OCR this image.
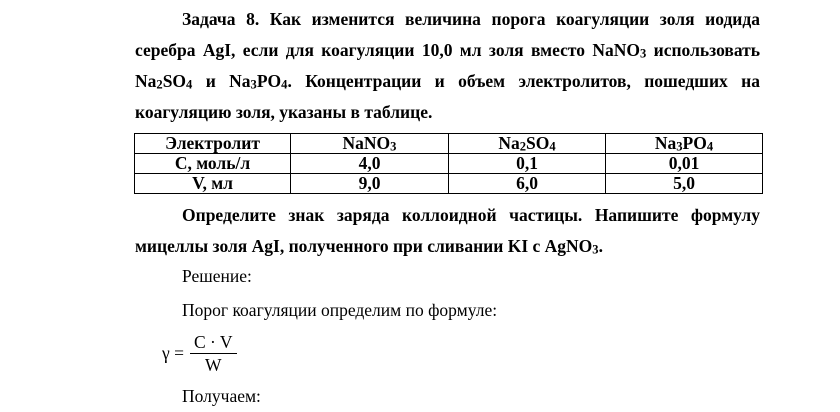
Задача 8. Как изменится величина порога коагуляции золя иодида серебра AgI, если для коагуляции 10,0 мл золя вместо NaNO3 использовать Na2SO4 и Na3PO4. Концентрации и объем электролитов, пошедших на коагуляцию золя, указаны в таблице.

Электролит	NaNO3	Na2SO4	Na3PO4
С, моль/л	4,0	0,1	0,01
V, мл	9,0	6,0	5,0

Определите знак заряда коллоидной частицы. Напишите формулу мицеллы золя AgI, полученного при сливании KI с AgNO3.

Решение:
Порог коагуляции определим по формуле:
$\gamma = \frac{C \cdot V}{W}$
Получаем:
